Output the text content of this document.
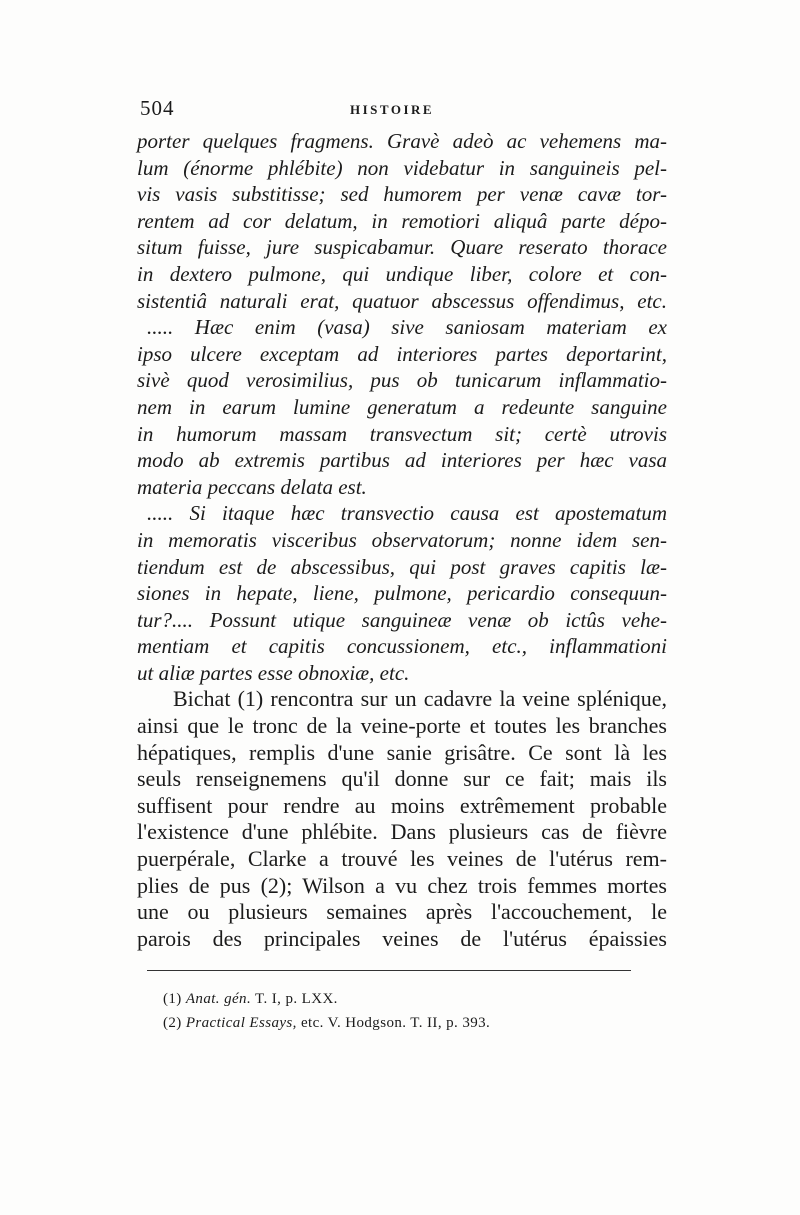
504	HISTOIRE
porter quelques fragmens. Gravè adeò ac vehemens ma-
lum (énorme phlébite) non videbatur in sanguineis pel-
vis vasis substitisse; sed humorem per venæ cavæ tor-
rentem ad cor delatum, in remotiori aliquâ parte dépo-
situm fuisse, jure suspicabamur. Quare reserato thorace
in dextero pulmone, qui undique liber, colore et con-
sistentiâ naturali erat, quatuor abscessus offendimus, etc.
..... Hæc enim (vasa) sive saniosam materiam ex
ipso ulcere exceptam ad interiores partes deportarint,
sivè quod verosimilius, pus ob tunicarum inflammatio-
nem in earum lumine generatum a redeunte sanguine
in humorum massam transvectum sit; certè utrovis
modo ab extremis partibus ad interiores per hæc vasa
materia peccans delata est.
..... Si itaque hæc transvectio causa est apostematum
in memoratis visceribus observatorum; nonne idem sen-
tiendum est de abscessibus, qui post graves capitis læ-
siones in hepate, liene, pulmone, pericardio consequun-
tur?.... Possunt utique sanguineæ venæ ob ictûs vehe-
mentiam et capitis concussionem, etc., inflammationi
ut aliæ partes esse obnoxiæ, etc.
Bichat (1) rencontra sur un cadavre la veine splénique,
ainsi que le tronc de la veine-porte et toutes les branches
hépatiques, remplis d'une sanie grisâtre. Ce sont là les
seuls renseignemens qu'il donne sur ce fait; mais ils
suffisent pour rendre au moins extrêmement probable
l'existence d'une phlébite. Dans plusieurs cas de fièvre
puerpérale, Clarke a trouvé les veines de l'utérus rem-
plies de pus (2); Wilson a vu chez trois femmes mortes
une ou plusieurs semaines après l'accouchement, le
parois des principales veines de l'utérus épaissies
(1) Anat. gén. T. I, p. LXX.
(2) Practical Essays, etc. V. Hodgson. T. II, p. 393.
